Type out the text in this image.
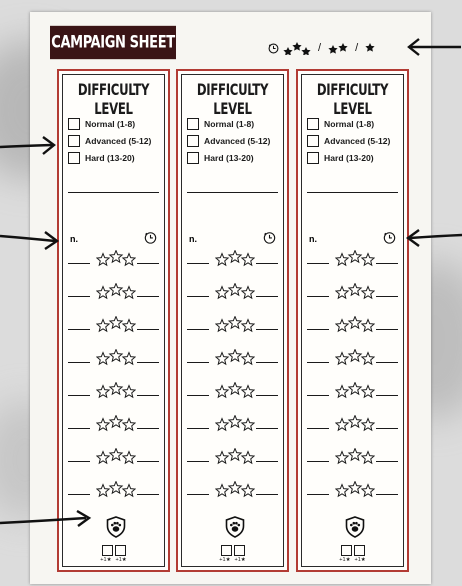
CAMPAIGN SHEET	/	/
DIFFICULTY LEVEL
Normal (1-8)
Advanced (5-12)
Hard (13-20)
n.
+1★ +1★
DIFFICULTY LEVEL
Normal (1-8)
Advanced (5-12)
Hard (13-20)
n.
+1★ +1★
DIFFICULTY LEVEL
Normal (1-8)
Advanced (5-12)
Hard (13-20)
n.
+1★ +1★
